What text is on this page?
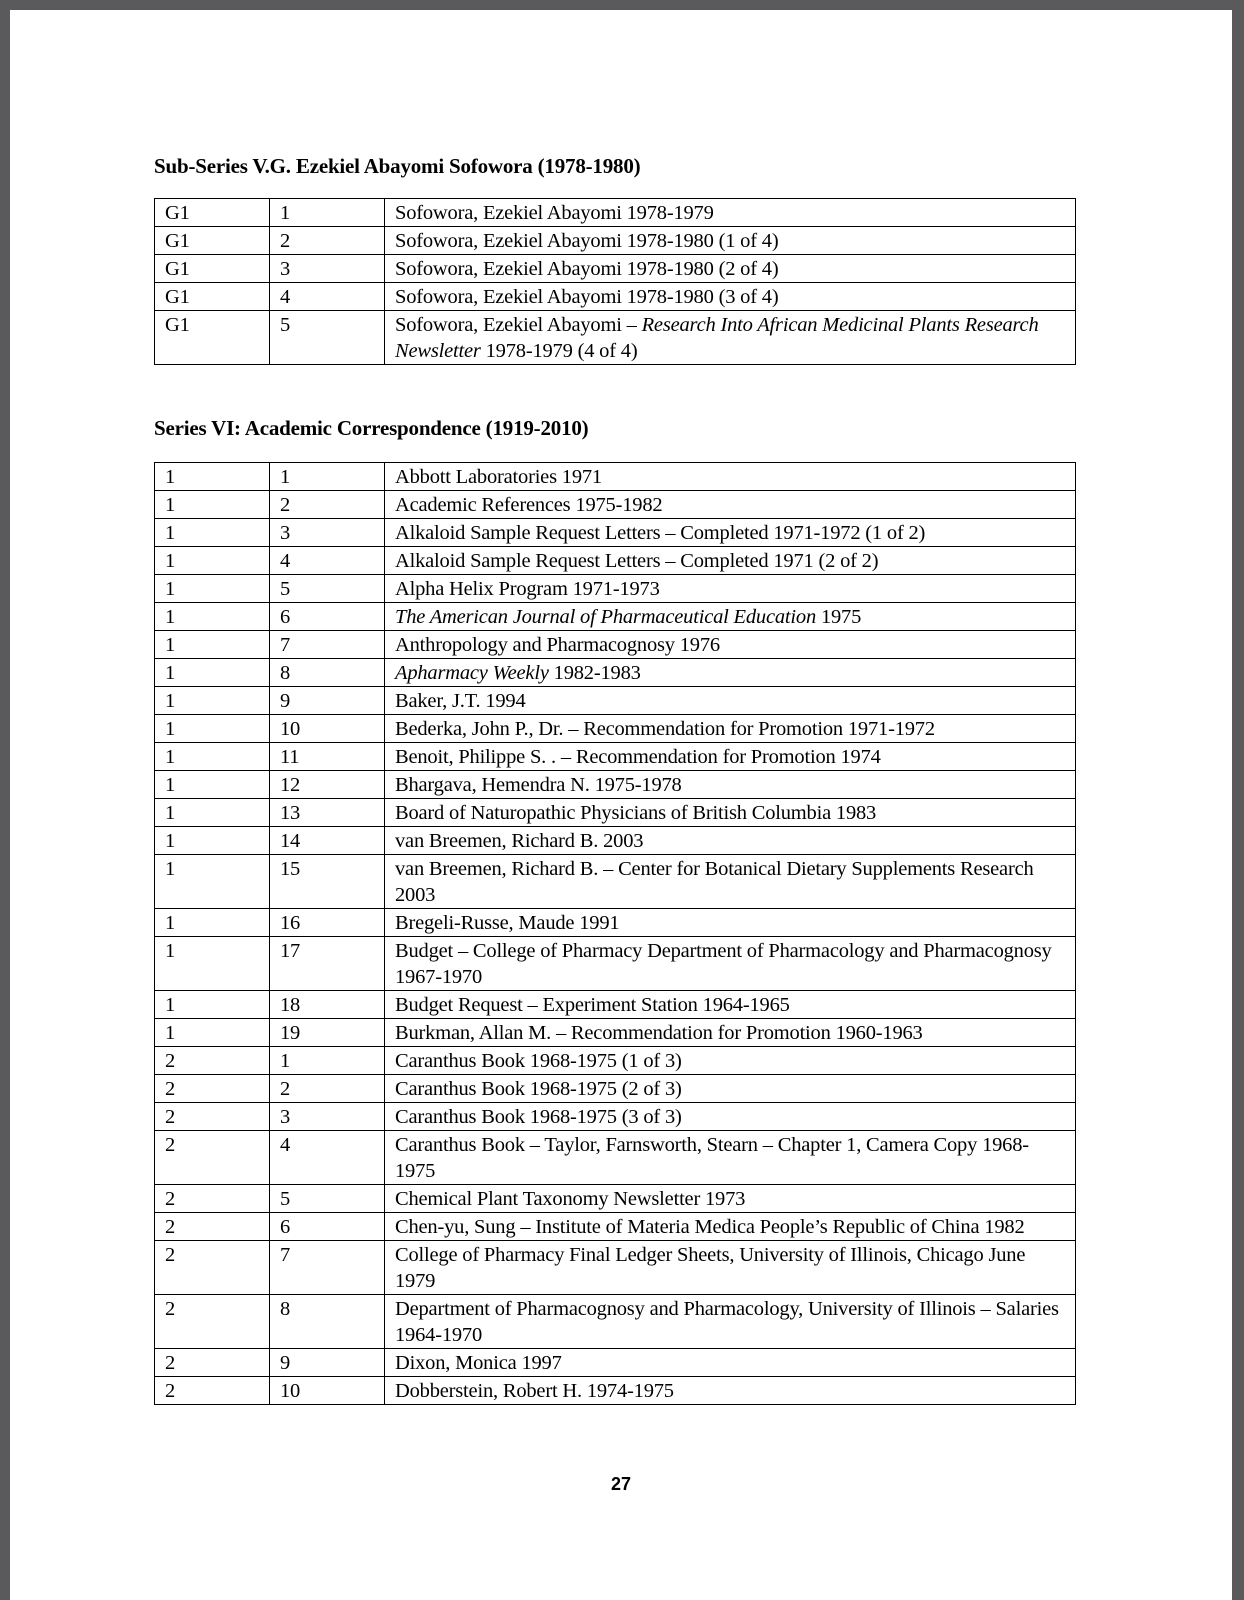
Sub-Series V.G. Ezekiel Abayomi Sofowora (1978-1980)
G1	1	Sofowora, Ezekiel Abayomi 1978-1979
G1	2	Sofowora, Ezekiel Abayomi 1978-1980 (1 of 4)
G1	3	Sofowora, Ezekiel Abayomi 1978-1980 (2 of 4)
G1	4	Sofowora, Ezekiel Abayomi 1978-1980 (3 of 4)
G1	5	Sofowora, Ezekiel Abayomi – Research Into African Medicinal Plants Research Newsletter 1978-1979 (4 of 4)
Series VI: Academic Correspondence (1919-2010)
1	1	Abbott Laboratories 1971
1	2	Academic References 1975-1982
1	3	Alkaloid Sample Request Letters – Completed 1971-1972 (1 of 2)
1	4	Alkaloid Sample Request Letters – Completed 1971 (2 of 2)
1	5	Alpha Helix Program 1971-1973
1	6	The American Journal of Pharmaceutical Education 1975
1	7	Anthropology and Pharmacognosy 1976
1	8	Apharmacy Weekly 1982-1983
1	9	Baker, J.T. 1994
1	10	Bederka, John P., Dr. – Recommendation for Promotion 1971-1972
1	11	Benoit, Philippe S. . – Recommendation for Promotion 1974
1	12	Bhargava, Hemendra N. 1975-1978
1	13	Board of Naturopathic Physicians of British Columbia 1983
1	14	van Breemen, Richard B. 2003
1	15	van Breemen, Richard B. – Center for Botanical Dietary Supplements Research 2003
1	16	Bregeli-Russe, Maude 1991
1	17	Budget – College of Pharmacy Department of Pharmacology and Pharmacognosy 1967-1970
1	18	Budget Request – Experiment Station 1964-1965
1	19	Burkman, Allan M. – Recommendation for Promotion 1960-1963
2	1	Caranthus Book 1968-1975 (1 of 3)
2	2	Caranthus Book 1968-1975 (2 of 3)
2	3	Caranthus Book 1968-1975 (3 of 3)
2	4	Caranthus Book – Taylor, Farnsworth, Stearn – Chapter 1, Camera Copy 1968-1975
2	5	Chemical Plant Taxonomy Newsletter 1973
2	6	Chen-yu, Sung – Institute of Materia Medica People’s Republic of China 1982
2	7	College of Pharmacy Final Ledger Sheets, University of Illinois, Chicago June 1979
2	8	Department of Pharmacognosy and Pharmacology, University of Illinois – Salaries 1964-1970
2	9	Dixon, Monica 1997
2	10	Dobberstein, Robert H. 1974-1975
27
